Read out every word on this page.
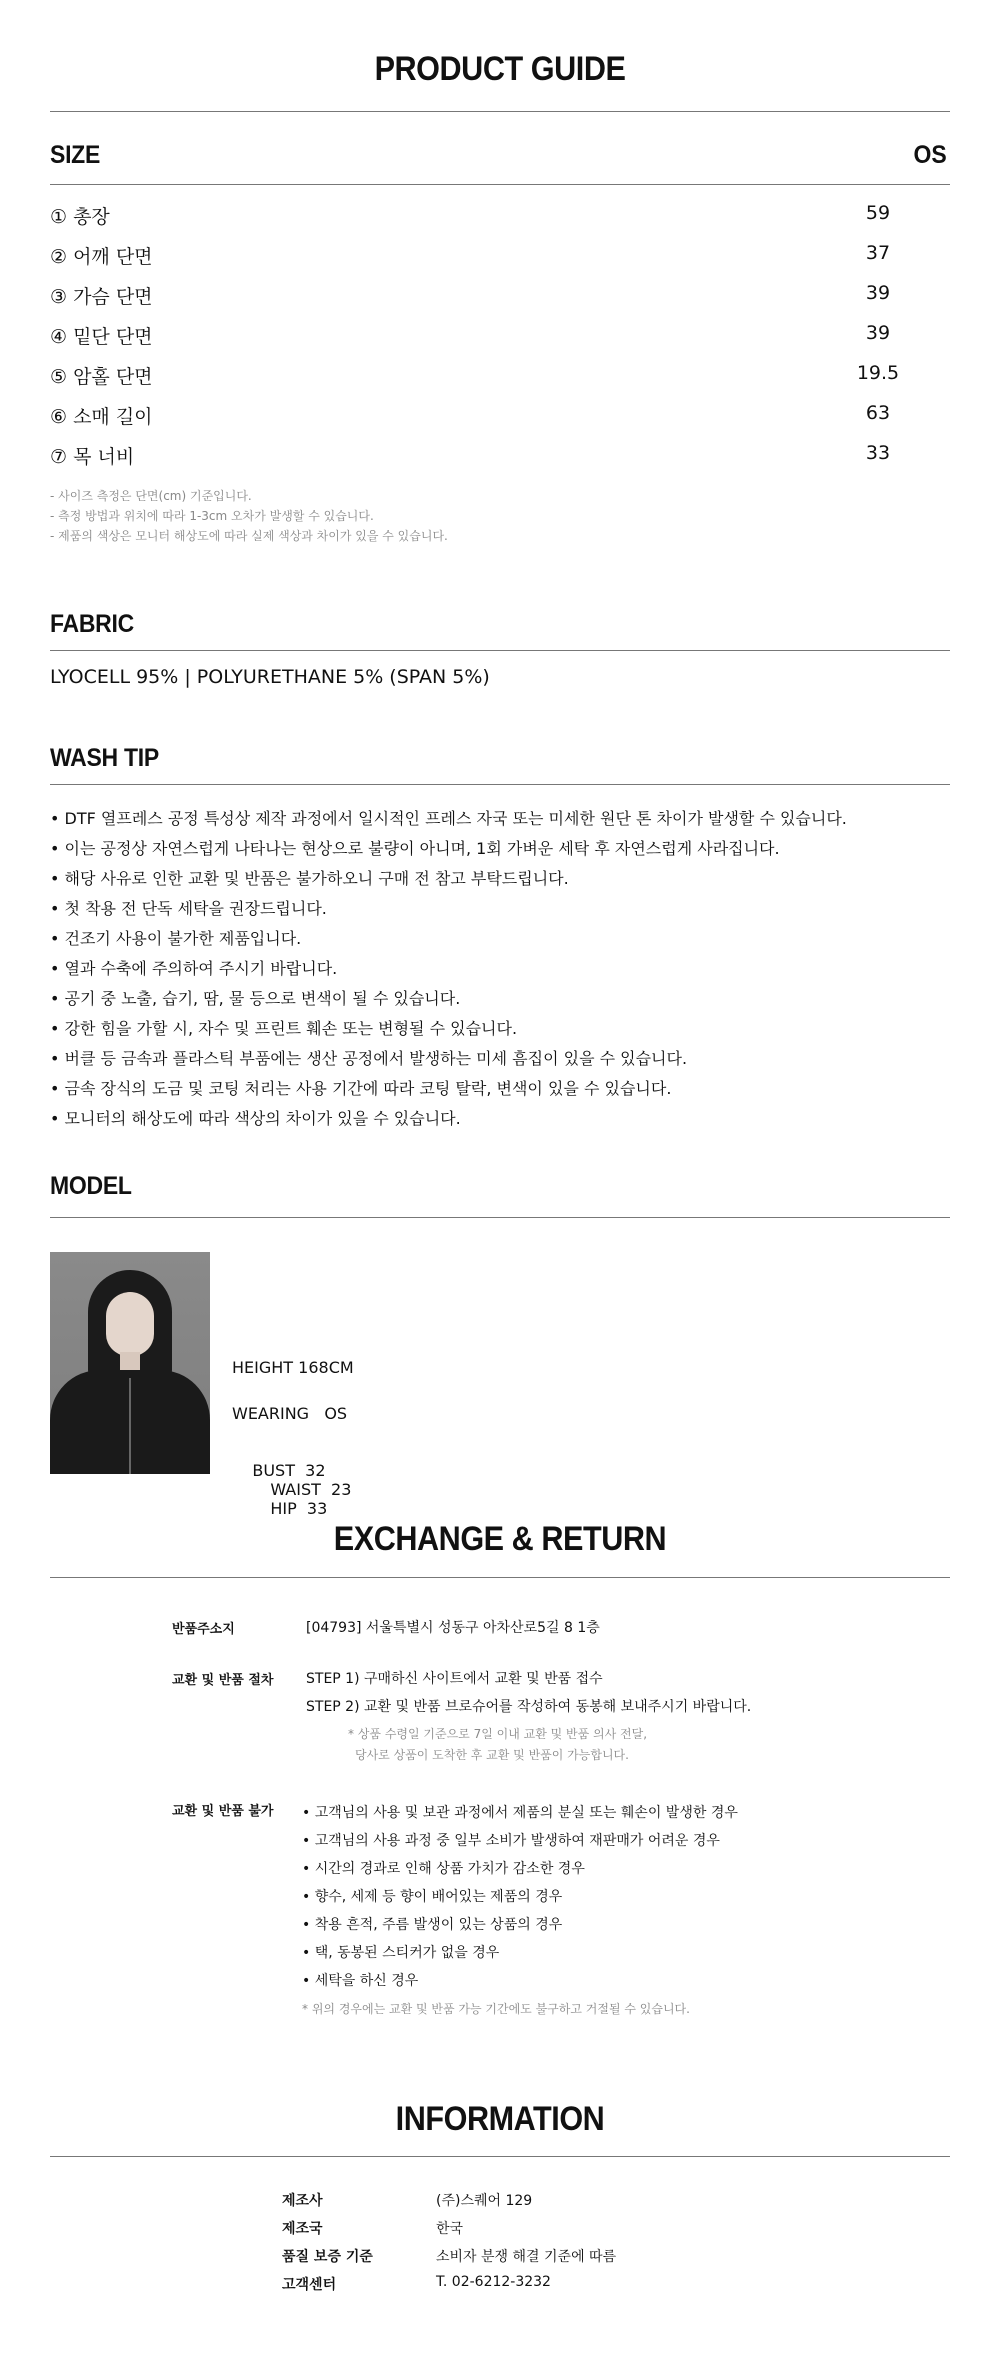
PRODUCT GUIDE
SIZE	OS
① 총장	59
② 어깨 단면	37
③ 가슴 단면	39
④ 밑단 단면	39
⑤ 암홀 단면	19.5
⑥ 소매 길이	63
⑦ 목 너비	33
- 사이즈 측정은 단면(cm) 기준입니다.
- 측정 방법과 위치에 따라 1-3cm 오차가 발생할 수 있습니다.
- 제품의 색상은 모니터 해상도에 따라 실제 색상과 차이가 있을 수 있습니다.
FABRIC
LYOCELL 95% | POLYURETHANE 5% (SPAN 5%)
WASH TIP
• DTF 열프레스 공정 특성상 제작 과정에서 일시적인 프레스 자국 또는 미세한 원단 톤 차이가 발생할 수 있습니다.
• 이는 공정상 자연스럽게 나타나는 현상으로 불량이 아니며, 1회 가벼운 세탁 후 자연스럽게 사라집니다.
• 해당 사유로 인한 교환 및 반품은 불가하오니 구매 전 참고 부탁드립니다.
• 첫 착용 전 단독 세탁을 권장드립니다.
• 건조기 사용이 불가한 제품입니다.
• 열과 수축에 주의하여 주시기 바랍니다.
• 공기 중 노출, 습기, 땀, 물 등으로 변색이 될 수 있습니다.
• 강한 힘을 가할 시, 자수 및 프린트 훼손 또는 변형될 수 있습니다.
• 버클 등 금속과 플라스틱 부품에는 생산 공정에서 발생하는 미세 흠집이 있을 수 있습니다.
• 금속 장식의 도금 및 코팅 처리는 사용 기간에 따라 코팅 탈락, 변색이 있을 수 있습니다.
• 모니터의 해상도에 따라 색상의 차이가 있을 수 있습니다.
MODEL
HEIGHT 168CM
WEARING   OS

BUST  32
WAIST  23
HIP  33

EXCHANGE & RETURN
반품주소지	[04793] 서울특별시 성동구 아차산로5길 8 1층
교환 및 반품 절차 STEP 1) 구매하신 사이트에서 교환 및 반품 접수
STEP 2) 교환 및 반품 브로슈어를 작성하여 동봉해 보내주시기 바랍니다.
* 상품 수령일 기준으로 7일 이내 교환 및 반품 의사 전달,
당사로 상품이 도착한 후 교환 및 반품이 가능합니다.
교환 및 반품 불가 • 고객님의 사용 및 보관 과정에서 제품의 분실 또는 훼손이 발생한 경우
• 고객님의 사용 과정 중 일부 소비가 발생하여 재판매가 어려운 경우
• 시간의 경과로 인해 상품 가치가 감소한 경우
• 향수, 세제 등 향이 배어있는 제품의 경우
• 착용 흔적, 주름 발생이 있는 상품의 경우
• 택, 동봉된 스티커가 없을 경우
• 세탁을 하신 경우
* 위의 경우에는 교환 및 반품 가능 기간에도 불구하고 거절될 수 있습니다.
INFORMATION
제조사	(주)스퀘어 129
제조국	한국
품질 보증 기준	소비자 분쟁 해결 기준에 따름
고객센터	T. 02-6212-3232
